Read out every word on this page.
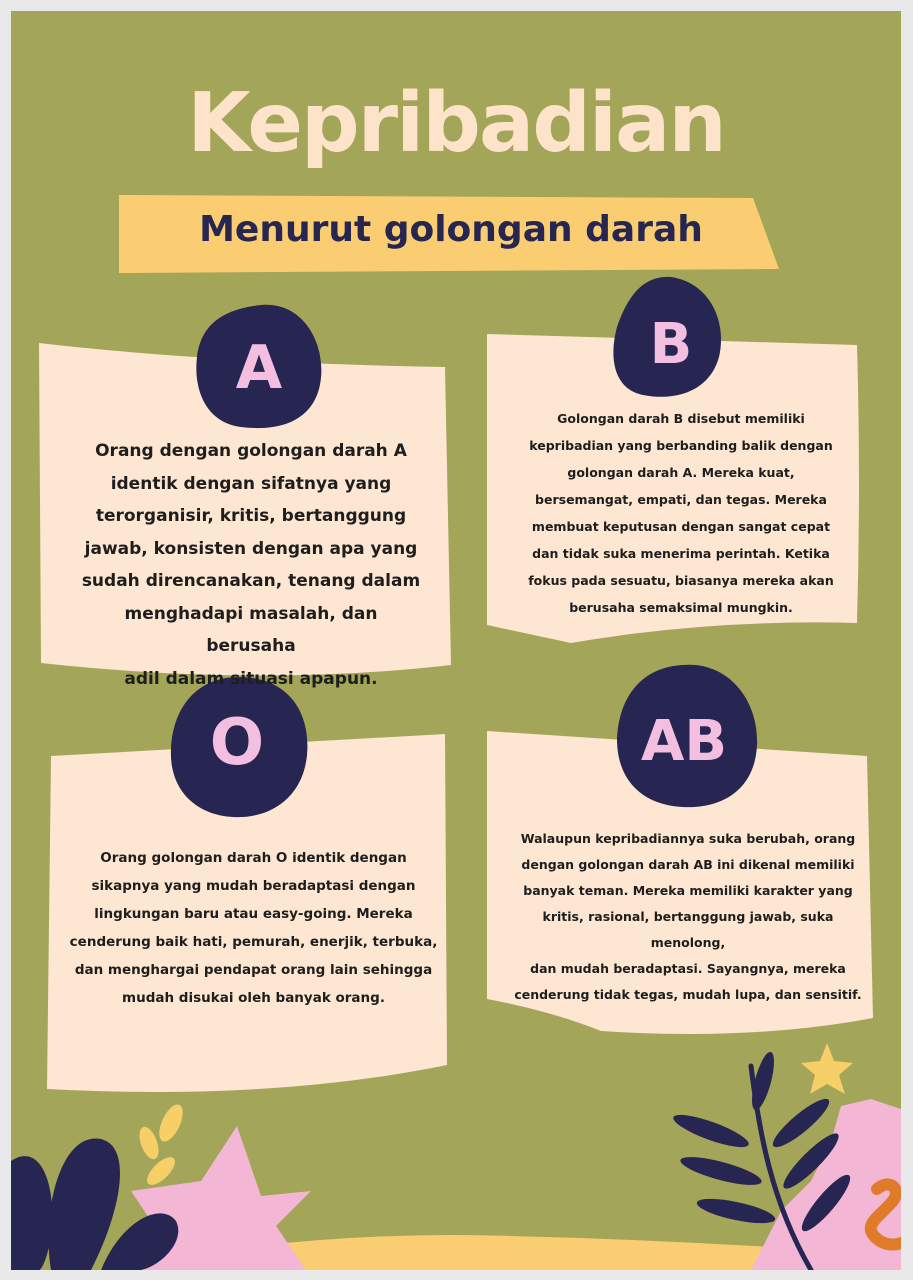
Kepribadian
Menurut golongan darah
A	B
O	AB
Orang dengan golongan darah A
identik dengan sifatnya yang
terorganisir, kritis, bertanggung
jawab, konsisten dengan apa yang
sudah direncanakan, tenang dalam
menghadapi masalah, dan berusaha
adil dalam situasi apapun.
Golongan darah B disebut memiliki
kepribadian yang berbanding balik dengan
golongan darah A. Mereka kuat,
bersemangat, empati, dan tegas. Mereka
membuat keputusan dengan sangat cepat
dan tidak suka menerima perintah. Ketika
fokus pada sesuatu, biasanya mereka akan
berusaha semaksimal mungkin.
Orang golongan darah O identik dengan
sikapnya yang mudah beradaptasi dengan
lingkungan baru atau easy-going. Mereka
cenderung baik hati, pemurah, enerjik, terbuka,
dan menghargai pendapat orang lain sehingga
mudah disukai oleh banyak orang.
Walaupun kepribadiannya suka berubah, orang
dengan golongan darah AB ini dikenal memiliki
banyak teman. Mereka memiliki karakter yang
kritis, rasional, bertanggung jawab, suka menolong,
dan mudah beradaptasi. Sayangnya, mereka
cenderung tidak tegas, mudah lupa, dan sensitif.
